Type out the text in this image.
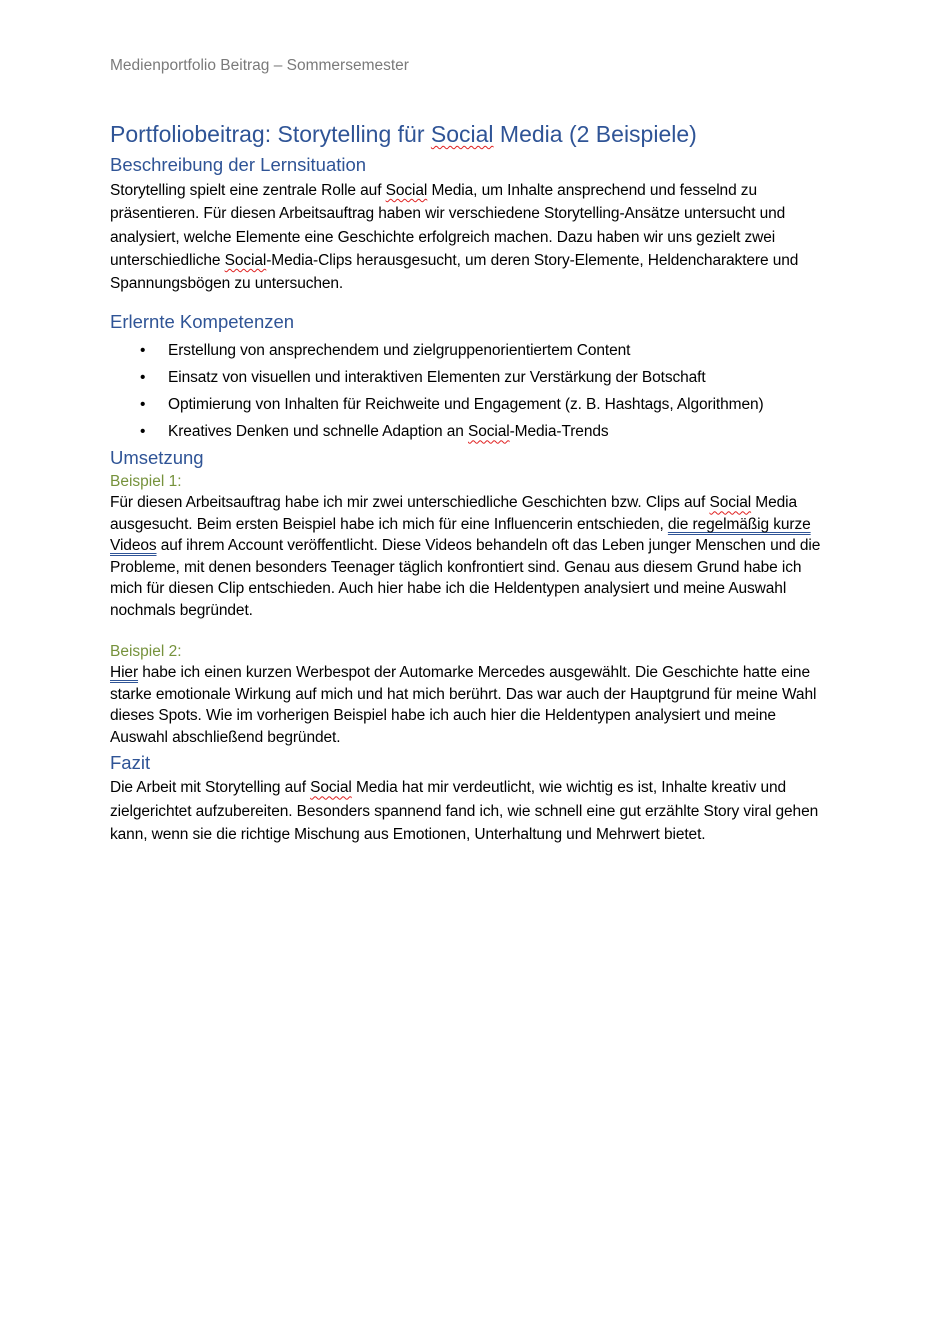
Medienportfolio Beitrag – Sommersemester
Portfoliobeitrag: Storytelling für Social Media (2 Beispiele)
Beschreibung der Lernsituation

Storytelling spielt eine zentrale Rolle auf Social Media, um Inhalte ansprechend und fesselnd zu präsentieren. Für diesen Arbeitsauftrag haben wir verschiedene Storytelling-Ansätze untersucht und analysiert, welche Elemente eine Geschichte erfolgreich machen. Dazu haben wir uns gezielt zwei unterschiedliche Social-Media-Clips herausgesucht, um deren Story-Elemente, Heldencharaktere und Spannungsbögen zu untersuchen.

Erlernte Kompetenzen
• Erstellung von ansprechendem und zielgruppenorientiertem Content
• Einsatz von visuellen und interaktiven Elementen zur Verstärkung der Botschaft
• Optimierung von Inhalten für Reichweite und Engagement (z. B. Hashtags, Algorithmen)
• Kreatives Denken und schnelle Adaption an Social-Media-Trends
Umsetzung
Beispiel 1:

Für diesen Arbeitsauftrag habe ich mir zwei unterschiedliche Geschichten bzw. Clips auf Social Media ausgesucht. Beim ersten Beispiel habe ich mich für eine Influencerin entschieden, die regelmäßig kurze Videos auf ihrem Account veröffentlicht. Diese Videos behandeln oft das Leben junger Menschen und die Probleme, mit denen besonders Teenager täglich konfrontiert sind. Genau aus diesem Grund habe ich mich für diesen Clip entschieden. Auch hier habe ich die Heldentypen analysiert und meine Auswahl nochmals begründet.

Beispiel 2:

Hier habe ich einen kurzen Werbespot der Automarke Mercedes ausgewählt. Die Geschichte hatte eine starke emotionale Wirkung auf mich und hat mich berührt. Das war auch der Hauptgrund für meine Wahl dieses Spots. Wie im vorherigen Beispiel habe ich auch hier die Heldentypen analysiert und meine Auswahl abschließend begründet.

Fazit

Die Arbeit mit Storytelling auf Social Media hat mir verdeutlicht, wie wichtig es ist, Inhalte kreativ und zielgerichtet aufzubereiten. Besonders spannend fand ich, wie schnell eine gut erzählte Story viral gehen kann, wenn sie die richtige Mischung aus Emotionen, Unterhaltung und Mehrwert bietet.
